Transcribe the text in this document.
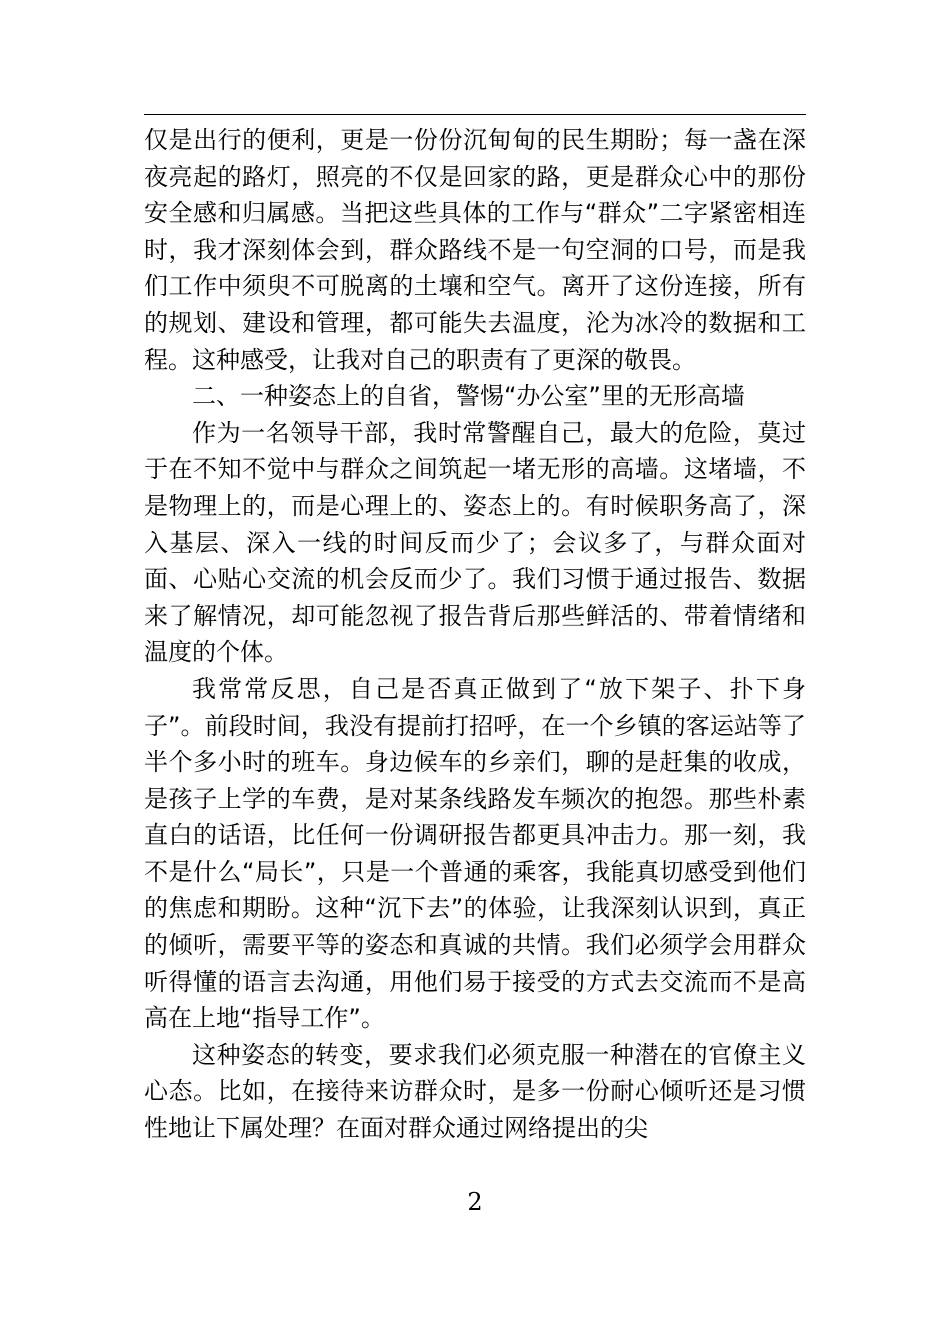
仅是出行的便利，更是一份份沉甸甸的民生期盼；每一盏在深夜亮起的路灯，照亮的不仅是回家的路，更是群众心中的那份安全感和归属感。当把这些具体的工作与“群众”二字紧密相连时，我才深刻体会到，群众路线不是一句空洞的口号，而是我们工作中须臾不可脱离的土壤和空气。离开了这份连接，所有的规划、建设和管理，都可能失去温度，沦为冰冷的数据和工程。这种感受，让我对自己的职责有了更深的敬畏。

二、一种姿态上的自省，警惕“办公室”里的无形高墙

作为一名领导干部，我时常警醒自己，最大的危险，莫过于在不知不觉中与群众之间筑起一堵无形的高墙。这堵墙，不是物理上的，而是心理上的、姿态上的。有时候职务高了，深入基层、深入一线的时间反而少了；会议多了，与群众面对面、心贴心交流的机会反而少了。我们习惯于通过报告、数据来了解情况，却可能忽视了报告背后那些鲜活的、带着情绪和温度的个体。

我常常反思，自己是否真正做到了“放下架子、扑下身子”。前段时间，我没有提前打招呼，在一个乡镇的客运站等了半个多小时的班车。身边候车的乡亲们，聊的是赶集的收成，是孩子上学的车费，是对某条线路发车频次的抱怨。那些朴素直白的话语，比任何一份调研报告都更具冲击力。那一刻，我不是什么“局长”，只是一个普通的乘客，我能真切感受到他们的焦虑和期盼。这种“沉下去”的体验，让我深刻认识到，真正的倾听，需要平等的姿态和真诚的共情。我们必须学会用群众听得懂的语言去沟通，用他们易于接受的方式去交流而不是高高在上地“指导工作”。

这种姿态的转变，要求我们必须克服一种潜在的官僚主义心态。比如，在接待来访群众时，是多一份耐心倾听还是习惯性地让下属处理？在面对群众通过网络提出的尖

2
